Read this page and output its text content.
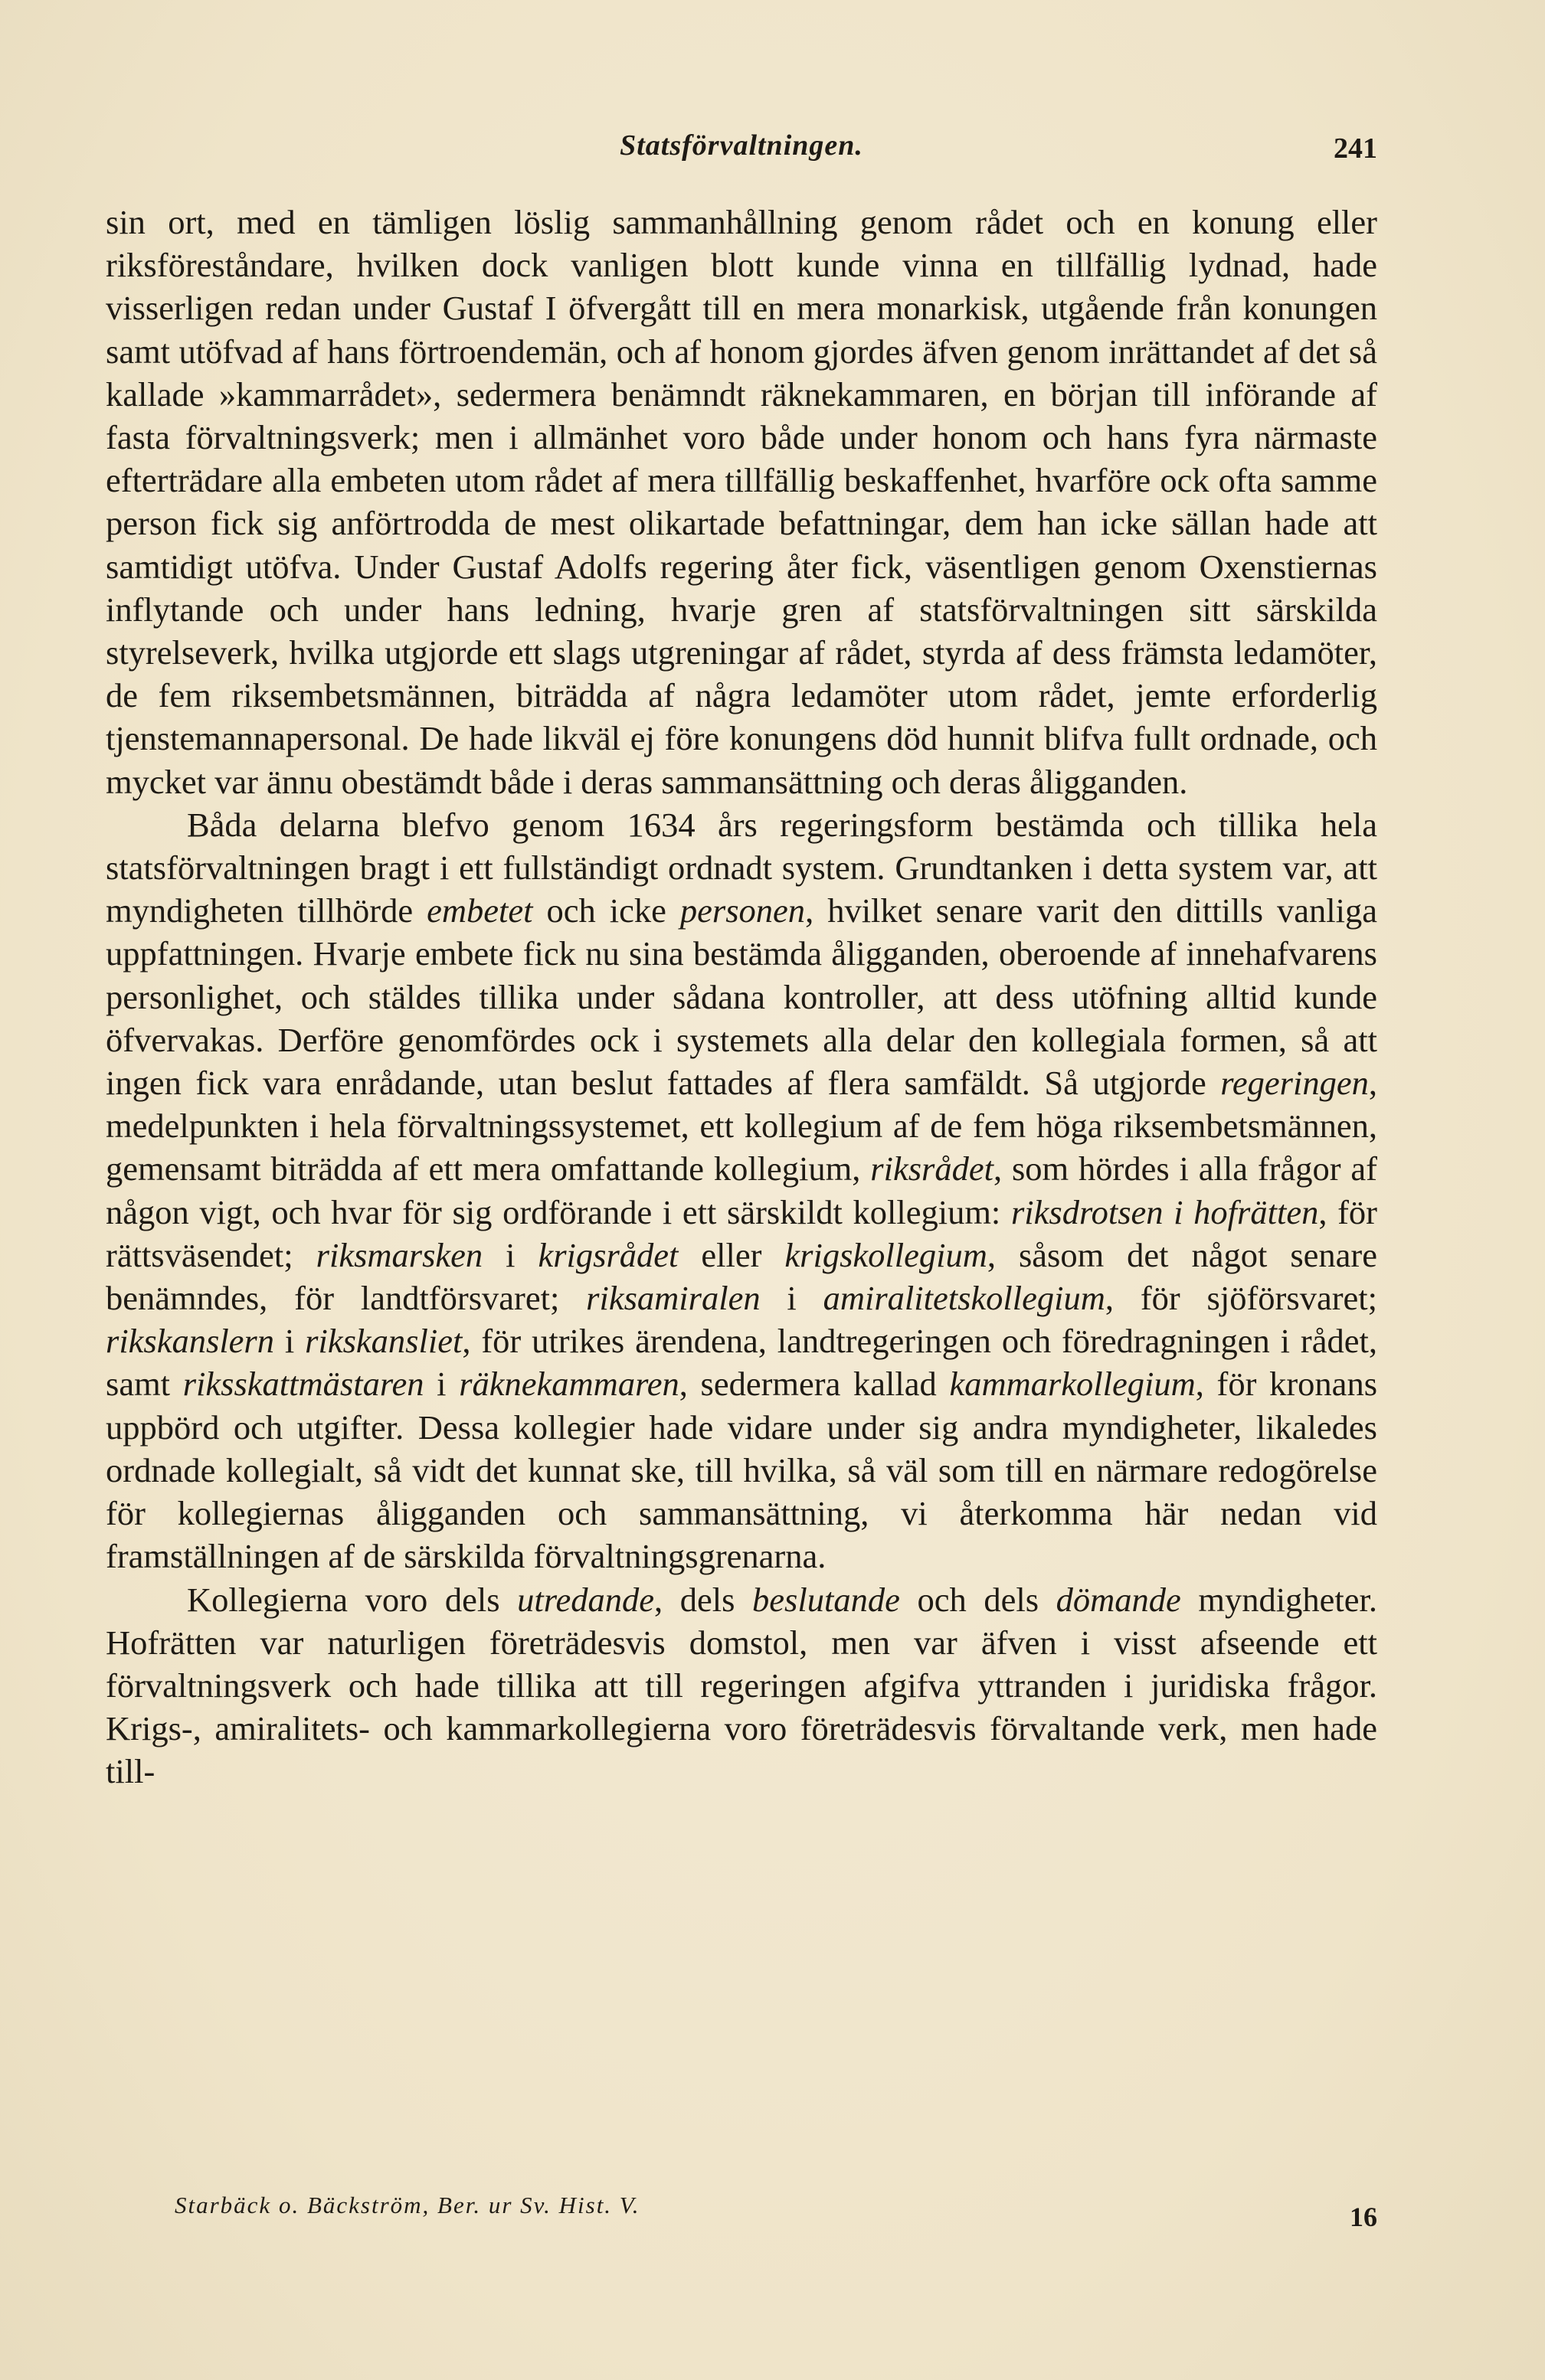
Statsförvaltningen.	241

sin ort, med en tämligen löslig sammanhållning genom rådet och en konung eller riksföreståndare, hvilken dock vanligen blott kunde vinna en tillfällig lydnad, hade visserligen redan under Gustaf I öfvergått till en mera monarkisk, utgående från konungen samt utöfvad af hans förtroendemän, och af honom gjordes äfven genom inrättandet af det så kallade »kammarrådet», sedermera benämndt räknekammaren, en början till införande af fasta förvaltningsverk; men i allmänhet voro både under honom och hans fyra närmaste efterträdare alla embeten utom rådet af mera tillfällig beskaffenhet, hvarföre ock ofta samme person fick sig anförtrodda de mest olikartade befattningar, dem han icke sällan hade att samtidigt utöfva. Under Gustaf Adolfs regering åter fick, väsentligen genom Oxenstiernas inflytande och under hans ledning, hvarje gren af statsförvaltningen sitt särskilda styrelseverk, hvilka utgjorde ett slags utgreningar af rådet, styrda af dess främsta ledamöter, de fem riksembetsmännen, biträdda af några ledamöter utom rådet, jemte erforderlig tjenstemannapersonal. De hade likväl ej före konungens död hunnit blifva fullt ordnade, och mycket var ännu obestämdt både i deras sammansättning och deras åligganden.

Båda delarna blefvo genom 1634 års regeringsform bestämda och tillika hela statsförvaltningen bragt i ett fullständigt ordnadt system. Grundtanken i detta system var, att myndigheten tillhörde embetet och icke personen, hvilket senare varit den dittills vanliga uppfattningen. Hvarje embete fick nu sina bestämda åligganden, oberoende af innehafvarens personlighet, och stäldes tillika under sådana kontroller, att dess utöfning alltid kunde öfvervakas. Derföre genomfördes ock i systemets alla delar den kollegiala formen, så att ingen fick vara enrådande, utan beslut fattades af flera samfäldt. Så utgjorde regeringen, medelpunkten i hela förvaltningssystemet, ett kollegium af de fem höga riksembetsmännen, gemensamt biträdda af ett mera omfattande kollegium, riksrådet, som hördes i alla frågor af någon vigt, och hvar för sig ordförande i ett särskildt kollegium: riksdrotsen i hofrätten, för rättsväsendet; riksmarsken i krigsrådet eller krigskollegium, såsom det något senare benämndes, för landtförsvaret; riksamiralen i amiralitetskollegium, för sjöförsvaret; rikskanslern i rikskansliet, för utrikes ärendena, landtregeringen och föredragningen i rådet, samt riksskattmästaren i räknekammaren, sedermera kallad kammarkollegium, för kronans uppbörd och utgifter. Dessa kollegier hade vidare under sig andra myndigheter, likaledes ordnade kollegialt, så vidt det kunnat ske, till hvilka, så väl som till en närmare redogörelse för kollegiernas åligganden och sammansättning, vi återkomma här nedan vid framställningen af de särskilda förvaltningsgrenarna.

Kollegierna voro dels utredande, dels beslutande och dels dömande myndigheter. Hofrätten var naturligen företrädesvis domstol, men var äfven i visst afseende ett förvaltningsverk och hade tillika att till regeringen afgifva yttranden i juridiska frågor. Krigs-, amiralitets- och kammarkollegierna voro företrädesvis förvaltande verk, men hade till-

Starbäck o. Bäckström, Ber. ur Sv. Hist. V.	16
